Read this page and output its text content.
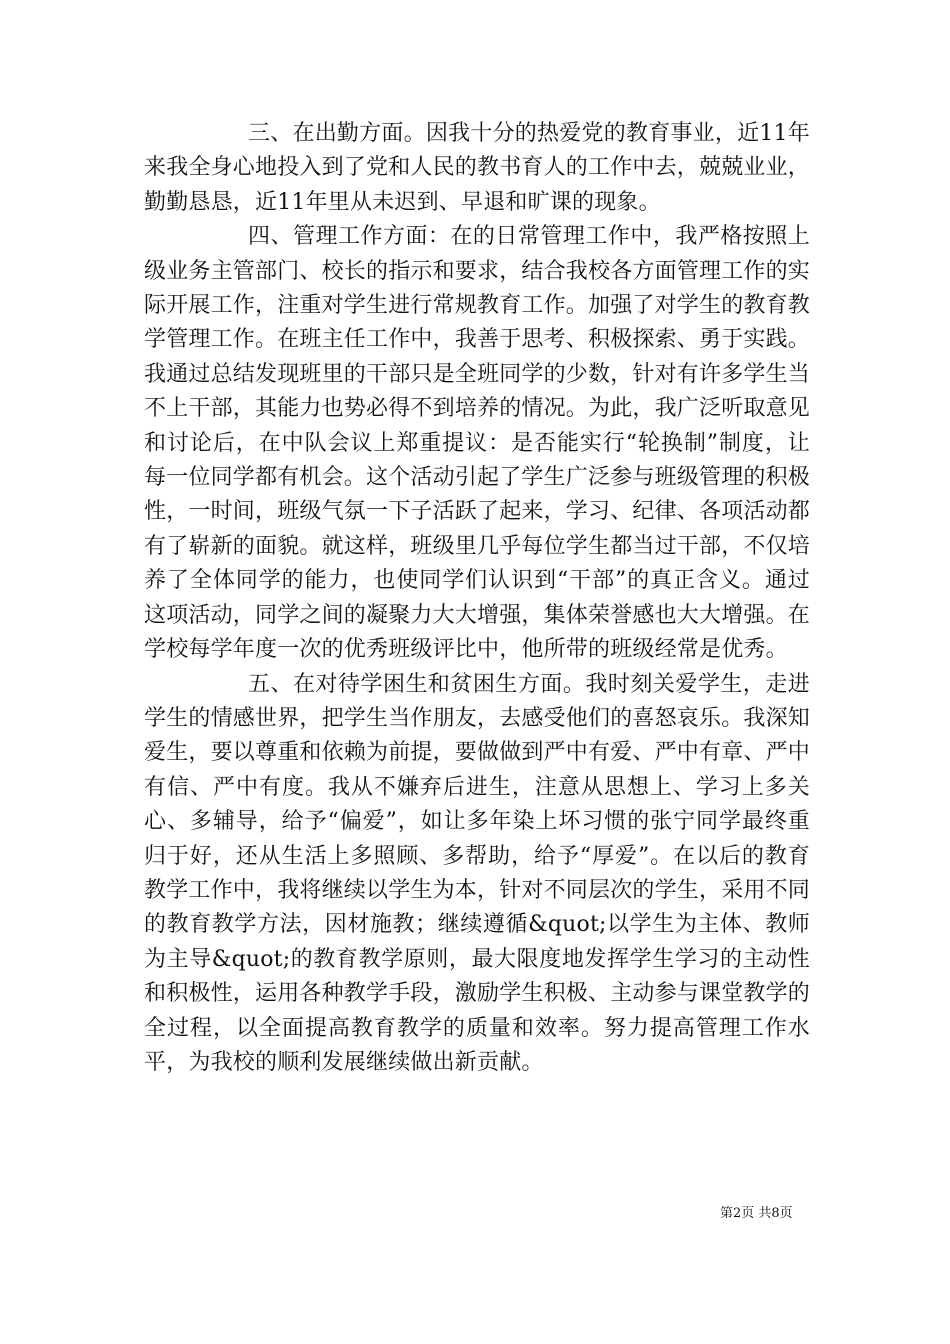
三、在出勤方面。因我十分的热爱党的教育事业，近11年来我全身心地投入到了党和人民的教书育人的工作中去，兢兢业业，勤勤恳恳，近11年里从未迟到、早退和旷课的现象。

四、管理工作方面：在的日常管理工作中，我严格按照上级业务主管部门、校长的指示和要求，结合我校各方面管理工作的实际开展工作，注重对学生进行常规教育工作。加强了对学生的教育教学管理工作。在班主任工作中，我善于思考、积极探索、勇于实践。我通过总结发现班里的干部只是全班同学的少数，针对有许多学生当不上干部，其能力也势必得不到培养的情况。为此，我广泛听取意见和讨论后，在中队会议上郑重提议：是否能实行“轮换制”制度，让每一位同学都有机会。这个活动引起了学生广泛参与班级管理的积极性，一时间，班级气氛一下子活跃了起来，学习、纪律、各项活动都有了崭新的面貌。就这样，班级里几乎每位学生都当过干部，不仅培养了全体同学的能力，也使同学们认识到“干部”的真正含义。通过这项活动，同学之间的凝聚力大大增强，集体荣誉感也大大增强。在学校每学年度一次的优秀班级评比中，他所带的班级经常是优秀。

五、在对待学困生和贫困生方面。我时刻关爱学生，走进学生的情感世界，把学生当作朋友，去感受他们的喜怒哀乐。我深知爱生，要以尊重和依赖为前提，要做做到严中有爱、严中有章、严中有信、严中有度。我从不嫌弃后进生，注意从思想上、学习上多关心、多辅导，给予“偏爱”，如让多年染上坏习惯的张宁同学最终重归于好，还从生活上多照顾、多帮助，给予“厚爱”。在以后的教育教学工作中，我将继续以学生为本，针对不同层次的学生，采用不同的教育教学方法，因材施教；继续遵循&quot;以学生为主体、教师为主导&quot;的教育教学原则，最大限度地发挥学生学习的主动性和积极性，运用各种教学手段，激励学生积极、主动参与课堂教学的全过程，以全面提高教育教学的质量和效率。努力提高管理工作水平，为我校的顺利发展继续做出新贡献。

第2页 共8页
